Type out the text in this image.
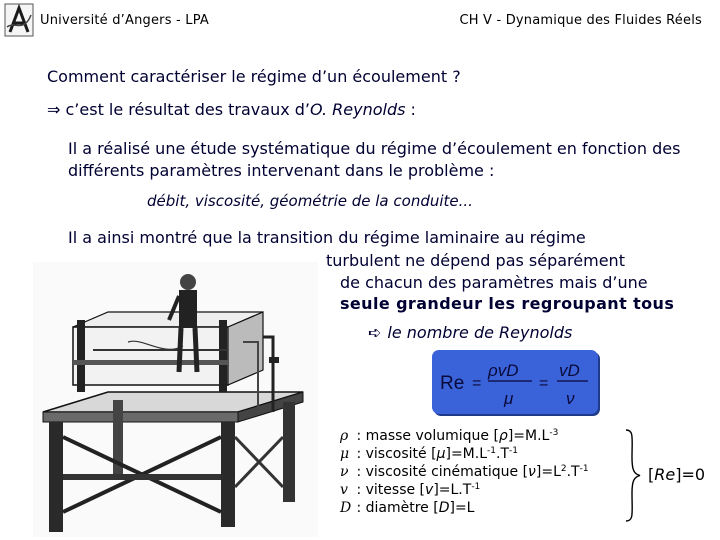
Université d’Angers - LPA	CH V - Dynamique des Fluides Réels
Comment caractériser le régime d’un écoulement ?
⇒ c’est le résultat des travaux d’O. Reynolds :
Il a réalisé une étude systématique du régime d’écoulement en fonction des différents paramètres intervenant dans le problème :
débit, viscosité, géométrie de la conduite...
Il a ainsi montré que la transition du régime laminaire au régime
turbulent ne dépend pas séparément
de chacun des paramètres mais d’une
seule grandeur les regroupant tous
➪ le nombre de Reynolds
Re =
ρvD
μ
=
vD
ν
ρ : masse volumique $[\rho]=M.L^{-3}$
μ : viscosité $[\mu]=M.L^{-1}.T^{-1}$
ν : viscosité cinématique $[\nu]=L^2.T^{-1}$
v : vitesse $[v]=L.T^{-1}$
D : diamètre [D]=L
[Re]=0
